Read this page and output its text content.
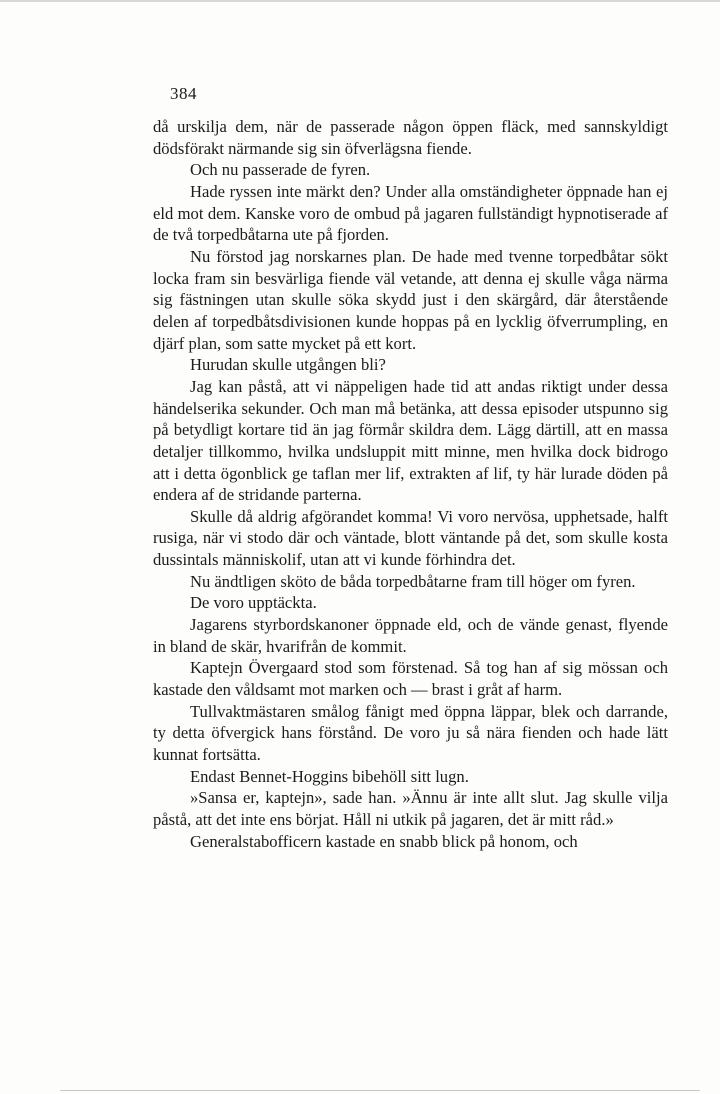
384

då urskilja dem, när de passerade någon öppen fläck, med sannskyldigt dödsförakt närmande sig sin öfverlägsna fiende.

Och nu passerade de fyren.

Hade ryssen inte märkt den? Under alla omständigheter öppnade han ej eld mot dem. Kanske voro de ombud på jagaren fullständigt hypnotiserade af de två torpedbåtarna ute på fjorden.

Nu förstod jag norskarnes plan. De hade med tvenne torpedbåtar sökt locka fram sin besvärliga fiende väl vetande, att denna ej skulle våga närma sig fästningen utan skulle söka skydd just i den skärgård, där återstående delen af torpedbåtsdivisionen kunde hoppas på en lycklig öfverrumpling, en djärf plan, som satte mycket på ett kort.

Hurudan skulle utgången bli?

Jag kan påstå, att vi näppeligen hade tid att andas riktigt under dessa händelserika sekunder. Och man må betänka, att dessa episoder utspunno sig på betydligt kortare tid än jag förmår skildra dem. Lägg därtill, att en massa detaljer tillkommo, hvilka undsluppit mitt minne, men hvilka dock bidrogo att i detta ögonblick ge taflan mer lif, extrakten af lif, ty här lurade döden på endera af de stridande parterna.

Skulle då aldrig afgörandet komma! Vi voro nervösa, upphetsade, halft rusiga, när vi stodo där och väntade, blott väntande på det, som skulle kosta dussintals människolif, utan att vi kunde förhindra det.

Nu ändtligen sköto de båda torpedbåtarne fram till höger om fyren.

De voro upptäckta.

Jagarens styrbordskanoner öppnade eld, och de vände genast, flyende in bland de skär, hvarifrån de kommit.

Kaptejn Övergaard stod som förstenad. Så tog han af sig mössan och kastade den våldsamt mot marken och — brast i gråt af harm.

Tullvaktmästaren smålog fånigt med öppna läppar, blek och darrande, ty detta öfvergick hans förstånd. De voro ju så nära fienden och hade lätt kunnat fortsätta.

Endast Bennet-Hoggins bibehöll sitt lugn.

»Sansa er, kaptejn», sade han. »Ännu är inte allt slut. Jag skulle vilja påstå, att det inte ens börjat. Håll ni utkik på jagaren, det är mitt råd.»

Generalstabofficern kastade en snabb blick på honom, och
